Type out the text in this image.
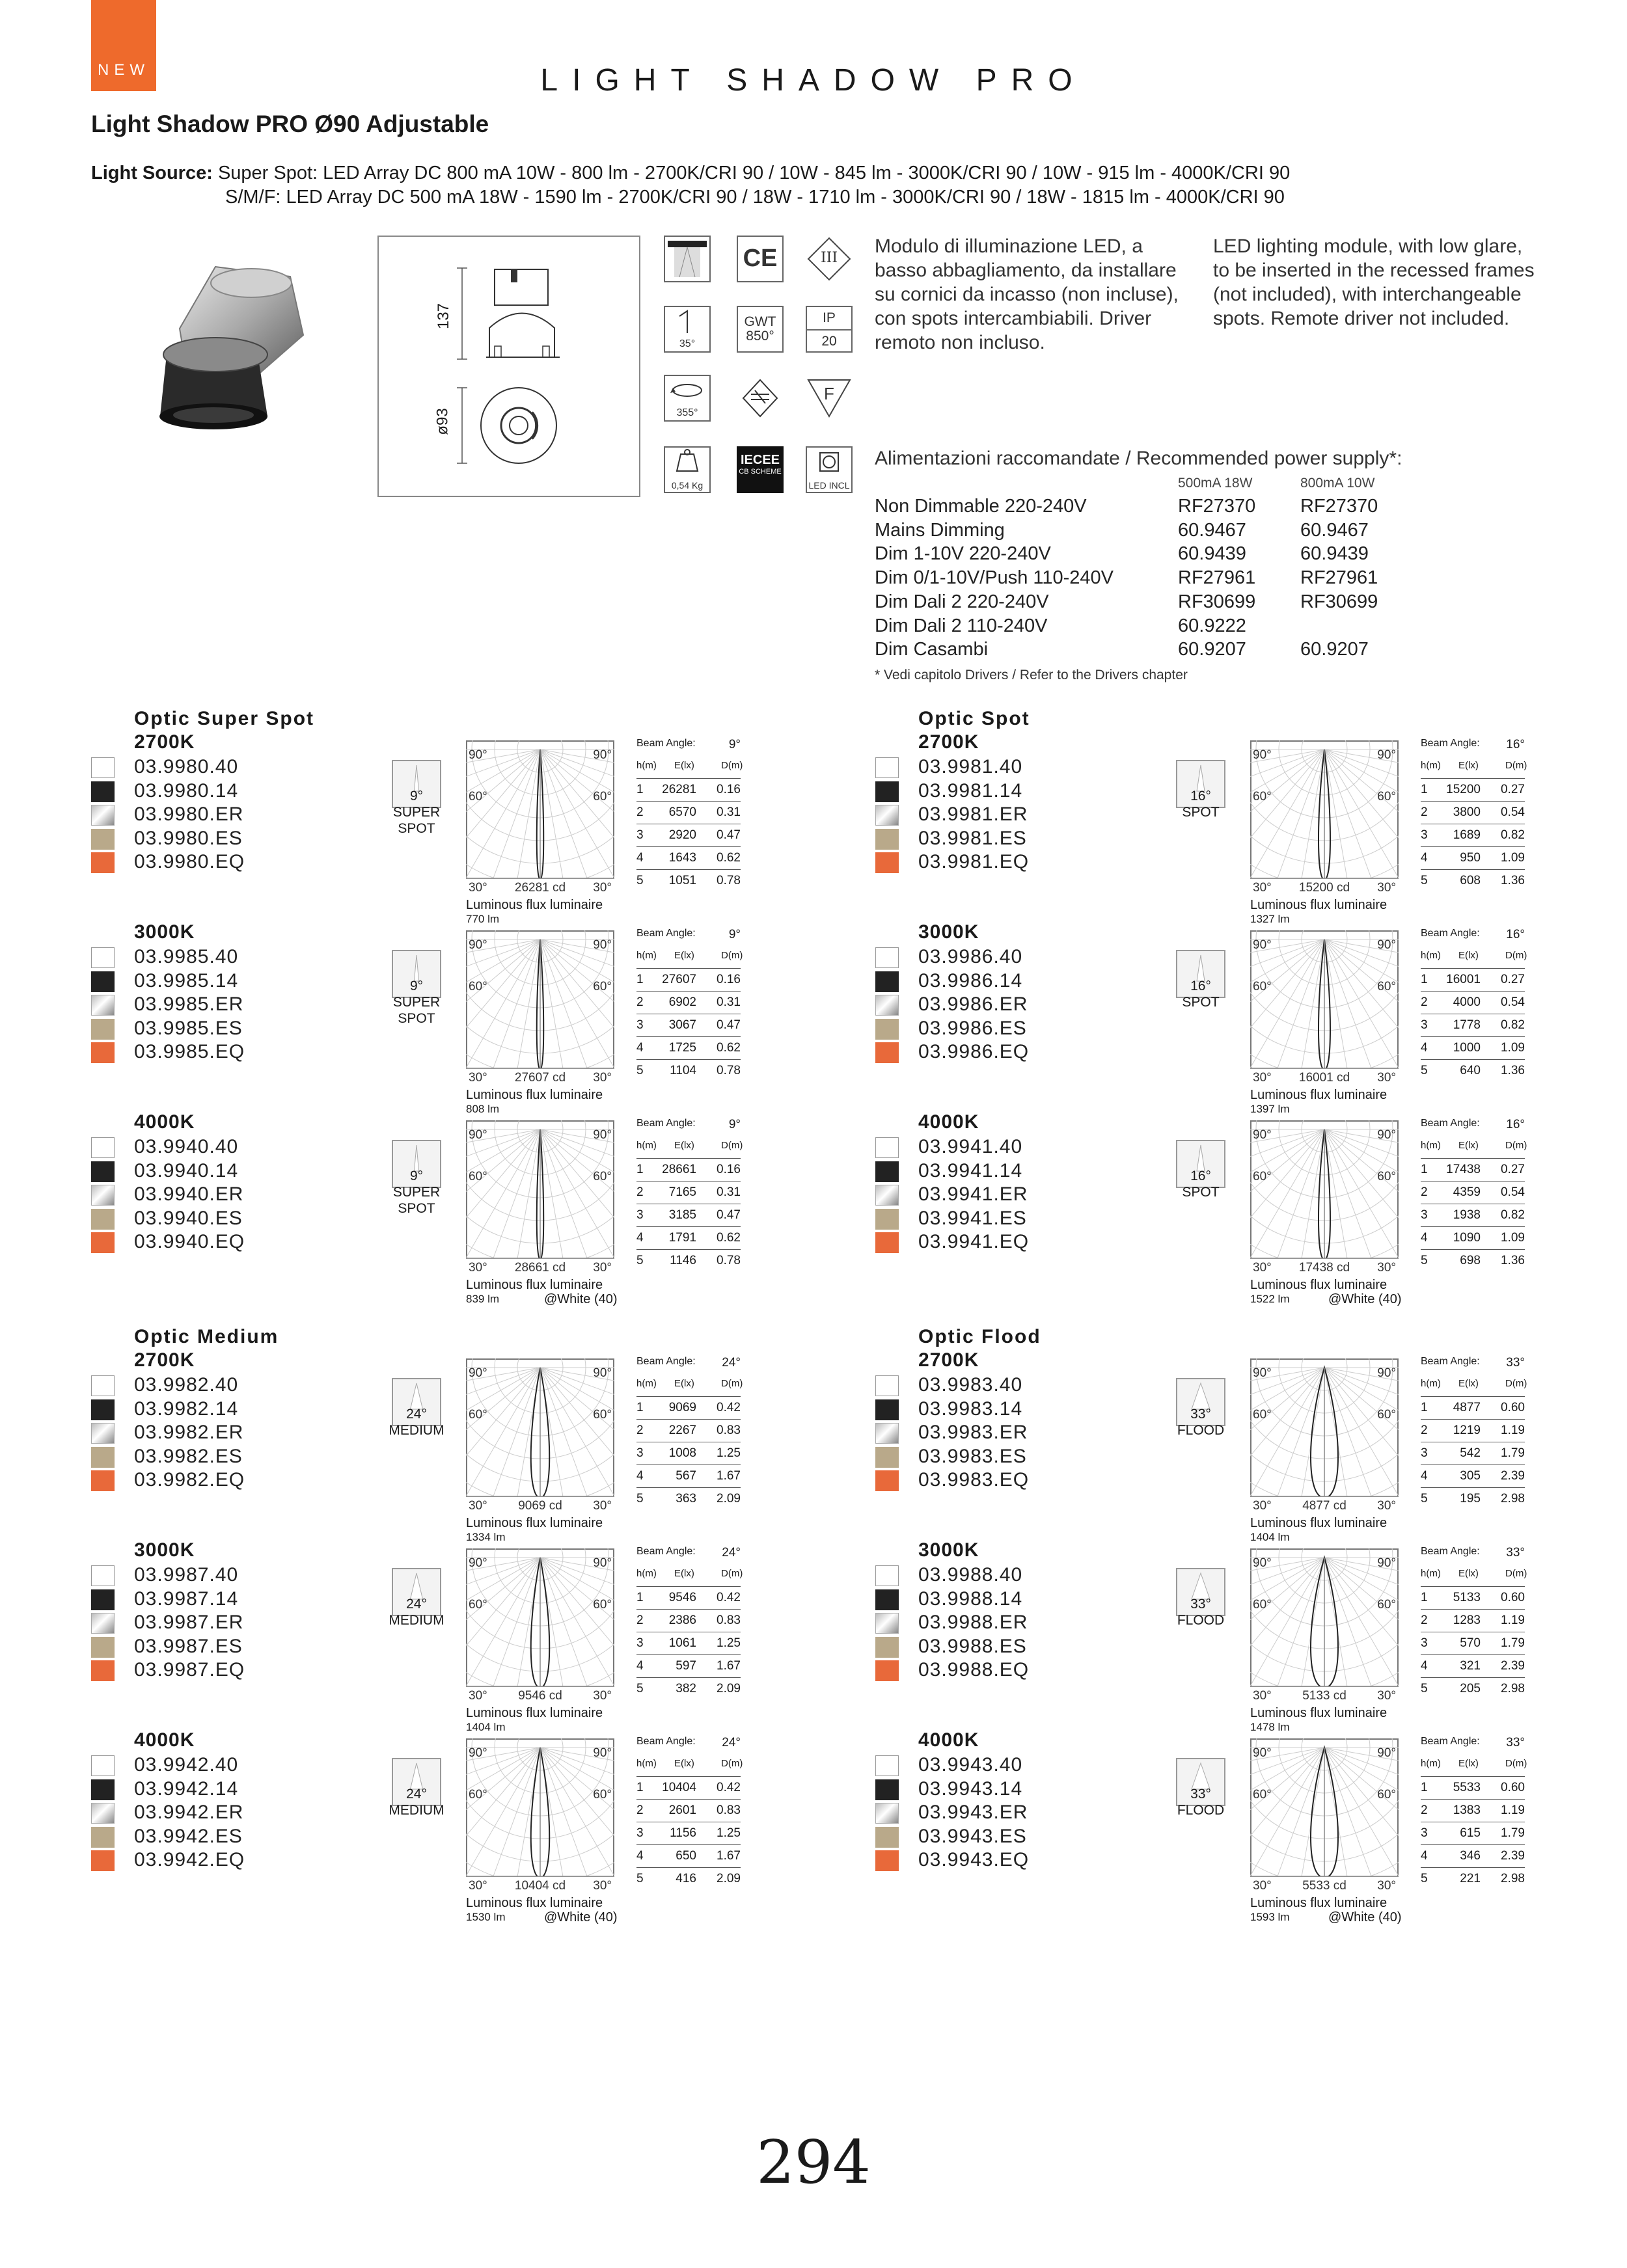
NEW	LIGHT SHADOW PRO
Light Shadow PRO Ø90 Adjustable
Light Source: Super Spot: LED Array DC 800 mA 10W - 800 lm - 2700K/CRI 90 / 10W - 845 lm - 3000K/CRI 90 / 10W - 915 lm - 4000K/CRI 90
S/M/F: LED Array DC 500 mA 18W - 1590 lm - 2700K/CRI 90 / 18W - 1710 lm - 3000K/CRI 90 / 18W - 1815 lm - 4000K/CRI 90
137
ø93
CE	III
35°
GWT
850°
IP
20
355°
F
0,54 Kg
IECEE
CB SCHEME
LED INCL
Modulo di illuminazione LED, a basso abbagliamento, da installare su cornici da incasso (non incluse), con spots intercambiabili. Driver remoto non incluso.
LED lighting module, with low glare, to be inserted in the recessed frames (not included), with interchangeable spots. Remote driver not included.
Alimentazioni raccomandate / Recommended power supply*:
500mA 18W	800mA 10W
Non Dimmable 220-240V	RF27370 RF27370
Mains Dimming	60.9467	60.9467
Dim 1-10V 220-240V	60.9439	60.9439
Dim 0/1-10V/Push 110-240V	RF27961 RF27961
Dim Dali 2 220-240V	RF30699 RF30699
Dim Dali 2 110-240V	60.9222
Dim Casambi	60.9207	60.9207
* Vedi capitolo Drivers / Refer to the Drivers chapter
Optic Super Spot
2700K
03.9980.40
03.9980.14
03.9980.ER
03.9980.ES
03.9980.EQ
9°
SUPER
SPOT
90°	90°
60°	60°
30°	30°
26281 cd
Luminous flux luminaire
770 lm
Beam Angle:	9°
h(m) E(lx)	D(m)
1 26281 0.16
2 6570 0.31
3 2920 0.47
4 1643 0.62
5 1051 0.78
3000K
03.9985.40
03.9985.14
03.9985.ER
03.9985.ES
03.9985.EQ
9°
SUPER
SPOT
90°	90°
60°	60°
30°	30°
27607 cd
Luminous flux luminaire
808 lm
Beam Angle:	9°
h(m) E(lx)	D(m)
1 27607 0.16
2 6902 0.31
3 3067 0.47
4 1725 0.62
5 1104 0.78
4000K
03.9940.40
03.9940.14
03.9940.ER
03.9940.ES
03.9940.EQ
9°
SUPER
SPOT
90°	90°
60°	60°
30°	30°
28661 cd
Luminous flux luminaire
839 lm
Beam Angle:	9°
h(m) E(lx)	D(m)
1 28661 0.16
2 7165 0.31
3 3185 0.47
4 1791 0.62
5 1146 0.78
@White (40)
Optic Spot
2700K
03.9981.40
03.9981.14
03.9981.ER
03.9981.ES
03.9981.EQ
16°
SPOT
90°	90°
60°	60°
30°	30°
15200 cd
Luminous flux luminaire
1327 lm
Beam Angle: 16°
h(m) E(lx)	D(m)
1 15200 0.27
2 3800 0.54
3 1689 0.82
4	950 1.09
5	608 1.36
3000K
03.9986.40
03.9986.14
03.9986.ER
03.9986.ES
03.9986.EQ
16°
SPOT
90°	90°
60°	60°
30°	30°
16001 cd
Luminous flux luminaire
1397 lm
Beam Angle: 16°
h(m) E(lx)	D(m)
1 16001 0.27
2 4000 0.54
3 1778 0.82
4 1000 1.09
5	640 1.36
4000K
03.9941.40
03.9941.14
03.9941.ER
03.9941.ES
03.9941.EQ
16°
SPOT
90°	90°
60°	60°
30°	30°
17438 cd
Luminous flux luminaire
1522 lm
Beam Angle: 16°
h(m) E(lx)	D(m)
1 17438 0.27
2 4359 0.54
3 1938 0.82
4 1090 1.09
5	698 1.36
@White (40)
Optic Medium
2700K
03.9982.40
03.9982.14
03.9982.ER
03.9982.ES
03.9982.EQ
24°
MEDIUM
90°	90°
60°	60°
30°	30°
9069 cd
Luminous flux luminaire
1334 lm
Beam Angle: 24°
h(m) E(lx)	D(m)
1 9069 0.42
2 2267 0.83
3 1008 1.25
4	567 1.67
5	363 2.09
3000K
03.9987.40
03.9987.14
03.9987.ER
03.9987.ES
03.9987.EQ
24°
MEDIUM
90°	90°
60°	60°
30°	30°
9546 cd
Luminous flux luminaire
1404 lm
Beam Angle: 24°
h(m) E(lx)	D(m)
1 9546 0.42
2 2386 0.83
3 1061 1.25
4	597 1.67
5	382 2.09
4000K
03.9942.40
03.9942.14
03.9942.ER
03.9942.ES
03.9942.EQ
24°
MEDIUM
90°	90°
60°	60°
30°	30°
10404 cd
Luminous flux luminaire
1530 lm
Beam Angle: 24°
h(m) E(lx)	D(m)
1 10404 0.42
2 2601 0.83
3 1156 1.25
4	650 1.67
5	416 2.09
@White (40)
Optic Flood
2700K
03.9983.40
03.9983.14
03.9983.ER
03.9983.ES
03.9983.EQ
33°
FLOOD
90°	90°
60°	60°
30°	30°
4877 cd
Luminous flux luminaire
1404 lm
Beam Angle: 33°
h(m) E(lx)	D(m)
1 4877 0.60
2 1219 1.19
3	542 1.79
4	305 2.39
5	195 2.98
3000K
03.9988.40
03.9988.14
03.9988.ER
03.9988.ES
03.9988.EQ
33°
FLOOD
90°	90°
60°	60°
30°	30°
5133 cd
Luminous flux luminaire
1478 lm
Beam Angle: 33°
h(m) E(lx)	D(m)
1 5133 0.60
2 1283 1.19
3	570 1.79
4	321 2.39
5	205 2.98
4000K
03.9943.40
03.9943.14
03.9943.ER
03.9943.ES
03.9943.EQ
33°
FLOOD
90°	90°
60°	60°
30°	30°
5533 cd
Luminous flux luminaire
1593 lm
Beam Angle: 33°
h(m) E(lx)	D(m)
1 5533 0.60
2 1383 1.19
3	615 1.79
4	346 2.39
5	221 2.98
@White (40)
294
